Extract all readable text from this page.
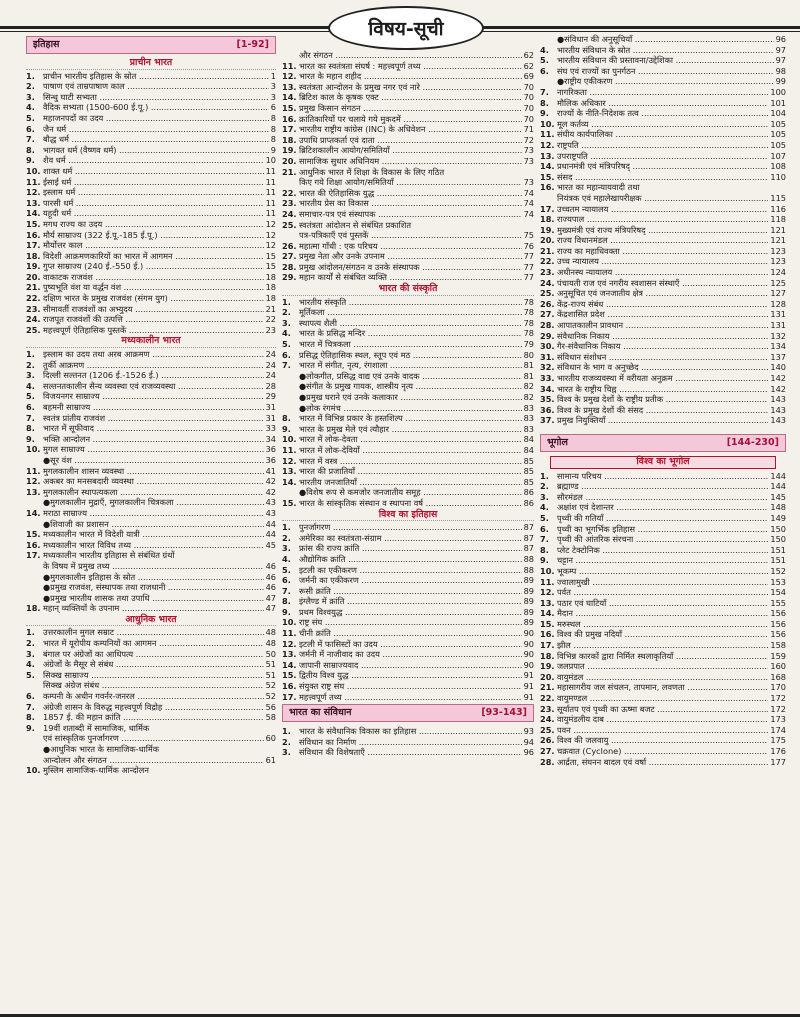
विषय-सूची
इतिहास	[1-92]
प्राचीन भारत
1. प्राचीन भारतीय इतिहास के स्रोत .....	1
2. पाषाण एवं ताम्रपाषाण काल .....	3
3. सिन्धु घाटी सभ्यता .....	3
4. वैदिक सभ्यता (1500-600 ई.पू.) .....	6
5. महाजनपदों का उदय .....	8
6. जैन धर्म .....	8
7. बौद्ध धर्म .....	8
8. भागवत धर्म (वैष्णव धर्म) .....	9
9. शैव धर्म .....	10
10. शाक्त धर्म .....	11
11. ईसाई धर्म .....	11
12. इस्लाम धर्म .....	11
13. पारसी धर्म .....	11
14. यहूदी धर्म .....	11
15. मगध राज्य का उदय .....	12
16. मौर्य साम्राज्य (322 ई.पू.-185 ई.पू.) .....	12
17. मौर्योत्तर काल .....	12
18. विदेशी आक्रमणकारियों का भारत में आगमन .....	15
19. गुप्त साम्राज्य (240 ई.-550 ई.) .....	15
20. वाकाटक राजवंश .....	18
21. पुष्यभूति वंश या वर्द्धन वंश .....	18
22. दक्षिण भारत के प्रमुख राजवंश (संगम युग) .....	18
23. सीमावर्ती राजवंशों का अभ्युदय .....	21
24. राजपूत राजवंशों की उत्पत्ति .....	22
25. महत्त्वपूर्ण ऐतिहासिक पुस्तकें .....	23
मध्यकालीन भारत
1. इस्लाम का उदय तथा अरब आक्रमण .....	24
2. तुर्की आक्रमण .....	24
3. दिल्ली सल्तनत (1206 ई.-1526 ई.) .....	24
4. सल्तनतकालीन सैन्य व्यवस्था एवं राजव्यवस्था .....	28
5. विजयनगर साम्राज्य .....	29
6. बहमनी साम्राज्य .....	31
7. स्वतंत्र प्रांतीय राजवंश .....	31
8. भारत में सूफीवाद .....	33
9. भक्ति आन्दोलन .....	34
10. मुगल साम्राज्य .....	36
● सूर वंश .....	36
11. मुगलकालीन शासन व्यवस्था .....	41
12. अकबर का मनसबदारी व्यवस्था .....	42
13. मुगलकालीन स्थापत्यकला .....	42
● मुगलकालीन मुद्राएँ, मुगलकालीन चित्रकला .....	43
14. मराठा साम्राज्य .....	43
● शिवाजी का प्रशासन .....	44
15. मध्यकालीन भारत में विदेशी यात्री .....	44
16. मध्यकालीन भारत विविध तथ्य .....	45
17. मध्यकालीन भारतीय इतिहास से संबंधित ग्रंथों
के विषय में प्रमुख तथ्य .....	46
● मुगलकालीन इतिहास के स्रोत .....	46
● प्रमुख राजवंश, संस्थापक तथा राजधानी .....	46
● प्रमुख भारतीय शासक तथा उपाधि .....	47
18. महान् व्यक्तियों के उपनाम .....	47
आधुनिक भारत
1. उत्तरकालीन मुगल सम्राट .....	48
2. भारत में यूरोपीय कम्पनियों का आगमन .....	48
3. बंगाल पर अंग्रेजों का आधिपत्य .....	50
4. अंग्रेजों के मैसूर से संबंध .....	51
5. सिक्ख साम्राज्य .....	51
सिक्ख अंग्रेज संबंध .....	52
6. कम्पनी के अधीन गवर्नर-जनरल .....	52
7. अंग्रेजी शासन के विरुद्ध महत्त्वपूर्ण विद्रोह .....	56
8. 1857 ई. की महान क्रांति .....	58
9. 19वीं शताब्दी में सामाजिक, धार्मिक
एवं सांस्कृतिक पुनर्जागरण .....	60
● आधुनिक भारत के सामाजिक-धार्मिक
आन्दोलन और संगठन .....	61
10. मुस्लिम सामाजिक-धार्मिक आन्दोलन
और संगठन .....	62
11. भारत का स्वतंत्रता संघर्ष : महत्त्वपूर्ण तथ्य .....	62
12. भारत के महान शहीद .....	69
13. स्वतंत्रता आन्दोलन के प्रमुख नगर एवं नारे .....	70
14. ब्रिटिश काल के कृषक एक्ट .....	70
15. प्रमुख किसान संगठन .....	70
16. क्रांतिकारियों पर चलाये गये मुकदमें .....	70
17. भारतीय राष्ट्रीय कांग्रेस (INC) के अधिवेशन .....	71
18. उपाधि प्राप्तकर्ता एवं दाता .....	72
19. ब्रिटिशकालीन आयोग/समितियाँ .....	73
20. सामाजिक सुधार अधिनियम .....	73
21. आधुनिक भारत में शिक्षा के विकास के लिए गठित
किए गये शिक्षा आयोग/समितियाँ .....	73
22. भारत की ऐतिहासिक युद्ध .....	74
23. भारतीय प्रेस का विकास .....	74
24. समाचार-पत्र एवं संस्थापक .....	74
25. स्वतंत्रता आंदोलन से संबंधित प्रकाशित
पत्र-पत्रिकाएँ एवं पुस्तकें .....	75
26. महात्मा गाँधी : एक परिचय .....	76
27. प्रमुख नेता और उनके उपनाम .....	77
28. प्रमुख आंदोलन/संगठन व उनके संस्थापक .....	77
29. महान कार्यों से संबंधित व्यक्ति .....	77
भारत की संस्कृति
1. भारतीय संस्कृति .....	78
2. मूर्तिकला .....	78
3. स्थापत्य शैली .....	78
4. भारत के प्रसिद्ध मन्दिर .....	78
5. भारत में चित्रकला .....	79
6. प्रसिद्ध ऐतिहासिक स्थल, स्तूप एवं मठ .....	80
7. भारत में संगीत, नृत्य, रंगशाला .....	81
● लोकगीत, प्रसिद्ध वाद्य एवं उनके वादक .....	81
● संगीत के प्रमुख गायक, शास्त्रीय नृत्य .....	82
● प्रमुख घराने एवं उनके कलाकार .....	82
● लोक रंगमंच .....	83
8. भारत में विभिन्न प्रकार के हस्तशिल्प .....	83
9. भारत के प्रमुख मेले एवं त्यौहार .....	83
10. भारत में लोक-देवता .....	84
11. भारत में लोक-देवियाँ .....	84
12. भारत में वस्त्र .....	85
13. भारत की प्रजातियाँ .....	85
14. भारतीय जनजातियाँ .....	85
● विशेष रूप से कमजोर जनजातीय समूह .....	86
15. भारत के सांस्कृतिक संस्थान व स्थापना वर्ष .....	86
विश्व का इतिहास
1. पुनर्जागरण .....	87
2. अमेरिका का स्वतंत्रता-संग्राम .....	87
3. फ्रांस की राज्य क्रांति .....	87
4. औद्योगिक क्रांति .....	88
5. इटली का एकीकरण .....	88
6. जर्मनी का एकीकरण .....	89
7. रूसी क्रांति .....	89
8. इंग्लैण्ड में क्रांति .....	89
9. प्रथम विश्वयुद्ध .....	89
10. राष्ट्र संघ .....	89
11. चीनी क्रांति .....	90
12. इटली में फासिस्टों का उदय .....	90
13. जर्मनी में नाजीवाद का उदय .....	90
14. जापानी साम्राज्यवाद .....	90
15. द्वितीय विश्व युद्ध .....	91
16. संयुक्त राष्ट्र संघ .....	91
17. महत्त्वपूर्ण तथ्य .....	91
भारत का संविधान	[93-143]
1. भारत के संवैधानिक विकास का इतिहास .....	93
2. संविधान का निर्माण .....	94
3. संविधान की विशेषताएँ .....	96
● संविधान की अनुसूचियाँ .....	96
4. भारतीय संविधान के स्रोत .....	97
5. भारतीय संविधान की प्रस्तावना/उद्देशिका .....	97
6. संघ एवं राज्यों का पुनर्गठन .....	98
● राष्ट्रीय एकीकरण .....	99
7. नागरिकता .....	100
8. मौलिक अधिकार .....	101
9. राज्यों के नीति-निदेशक तत्व .....	104
10. मूल कर्तव्य .....	105
11. संघीय कार्यपालिका .....	105
12. राष्ट्रपति .....	105
13. उपराष्ट्रपति .....	107
14. प्रधानमंत्री एवं मंत्रिपरिषद् .....	108
15. संसद .....	110
16. भारत का महान्यायवादी तथा
नियंत्रक एवं महालेखापरीक्षक .....	115
17. उच्चतम न्यायालय .....	116
18. राज्यपाल .....	118
19. मुख्यमंत्री एवं राज्य मंत्रिपरिषद् .....	121
20. राज्य विधानमंडल .....	121
21. राज्य का महाधिवक्ता .....	123
22. उच्च न्यायालय .....	123
23. अधीनस्थ न्यायालय .....	124
24. पंचायती राज एवं नगरीय स्वशासन संस्थाएँ .....	125
25. अनुसूचित एवं जनजातीय क्षेत्र .....	127
26. केंद्र-राज्य संबंध .....	128
27. केंद्रशासित प्रदेश .....	131
28. आपातकालीन प्रावधान .....	131
29. संवैधानिक निकाय .....	132
30. गैर-संवैधानिक निकाय .....	134
31. संविधान संशोधन .....	137
32. संविधान के भाग व अनुच्छेद .....	140
33. भारतीय राजव्यवस्था में वरीयता अनुक्रम .....	142
34. भारत के राष्ट्रीय चिह्न .....	142
35. विश्व के प्रमुख देशों के राष्ट्रीय प्रतीक .....	143
36. विश्व के प्रमुख देशों की संसद .....	143
37. प्रमुख नियुक्तियाँ .....	143
भूगोल	[144-230]
विश्व का भूगोल
1. सामान्य परिचय .....	144
2. ब्रह्माण्ड .....	144
3. सौरमंडल .....	145
4. अक्षांश एवं देशान्तर .....	148
5. पृथ्वी की गतियाँ .....	149
6. पृथ्वी का भूगर्भिक इतिहास .....	150
7. पृथ्वी की आंतरिक संरचना .....	150
8. प्लेट टेक्टोनिक .....	151
9. चट्टान .....	151
10. भूकम्प .....	152
11. ज्वालामुखी .....	153
12. पर्वत .....	154
13. पठार एवं घाटियाँ .....	155
14. मैदान .....	156
15. मरुस्थल .....	156
16. विश्व की प्रमुख नदियाँ .....	156
17. झील .....	158
18. विभिन्न कारकों द्वारा निर्मित स्थलाकृतियाँ .....	159
19. जलप्रपात .....	160
20. वायुमंडल .....	168
21. महासागरीय जल संचलन, तापमान, लवणता .....	170
22. वायुमण्डल .....	172
23. सूर्यातप एवं पृथ्वी का ऊष्मा बजट .....	172
24. वायुमंडलीय दाब .....	173
25. पवन .....	174
26. विश्व की जलवायु .....	175
27. चक्रवात (Cyclone) .....	176
28. आर्द्रता, संघनन बादल एवं वर्षा .....	177
